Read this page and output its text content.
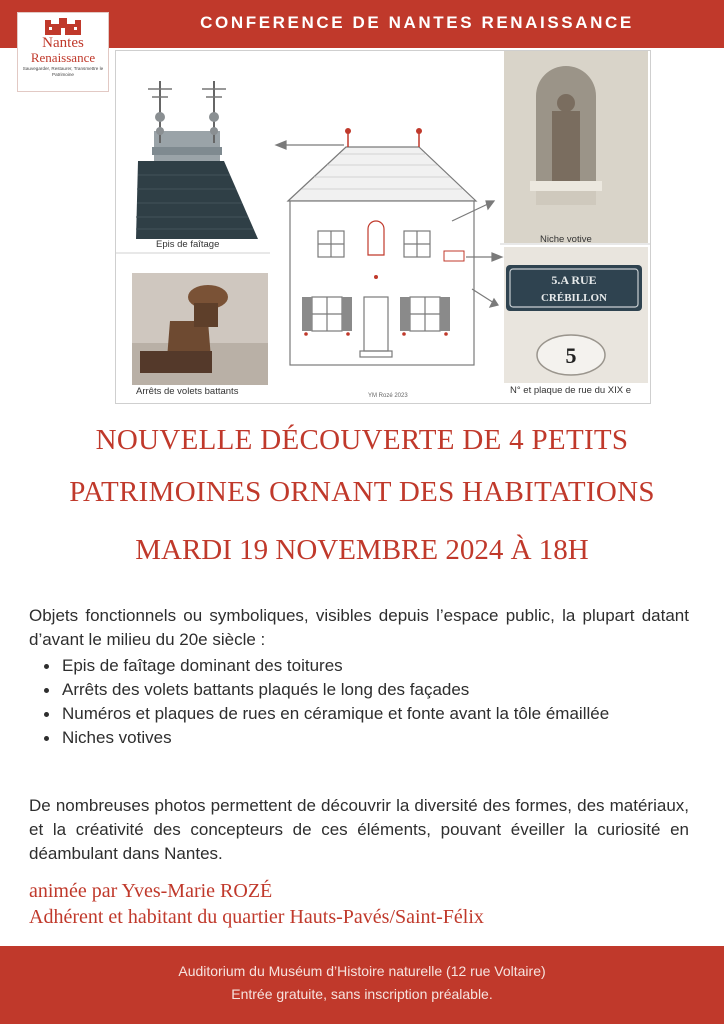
CONFERENCE DE NANTES RENAISSANCE
Nantes
Renaissance
Sauvegarder, Restaurer, Transmettre le Patrimoine
5.A RUE
CRÉBILLON
5
Epis de faîtage	Niche votive
Arrêts de volets battants	N° et plaque de rue du XIX e
YM Rozé 2023
NOUVELLE DÉCOUVERTE DE 4 PETITS
PATRIMOINES ORNANT DES HABITATIONS
MARDI 19 NOVEMBRE 2024 À 18H
Objets fonctionnels ou symboliques, visibles depuis l’espace public, la plupart datant d’avant le milieu du 20e siècle :
Epis de faîtage dominant des toitures
Arrêts des volets battants plaqués le long des façades
Numéros et plaques de rues en céramique et fonte avant la tôle émaillée
Niches votives
De nombreuses photos permettent de découvrir la diversité des formes, des matériaux, et la créativité des concepteurs de ces éléments, pouvant éveiller la curiosité en déambulant dans Nantes.
animée par Yves-Marie ROZÉ
Adhérent et habitant du quartier Hauts-Pavés/Saint-Félix
Auditorium du Muséum d’Histoire naturelle (12 rue Voltaire)
Entrée gratuite, sans inscription préalable.
